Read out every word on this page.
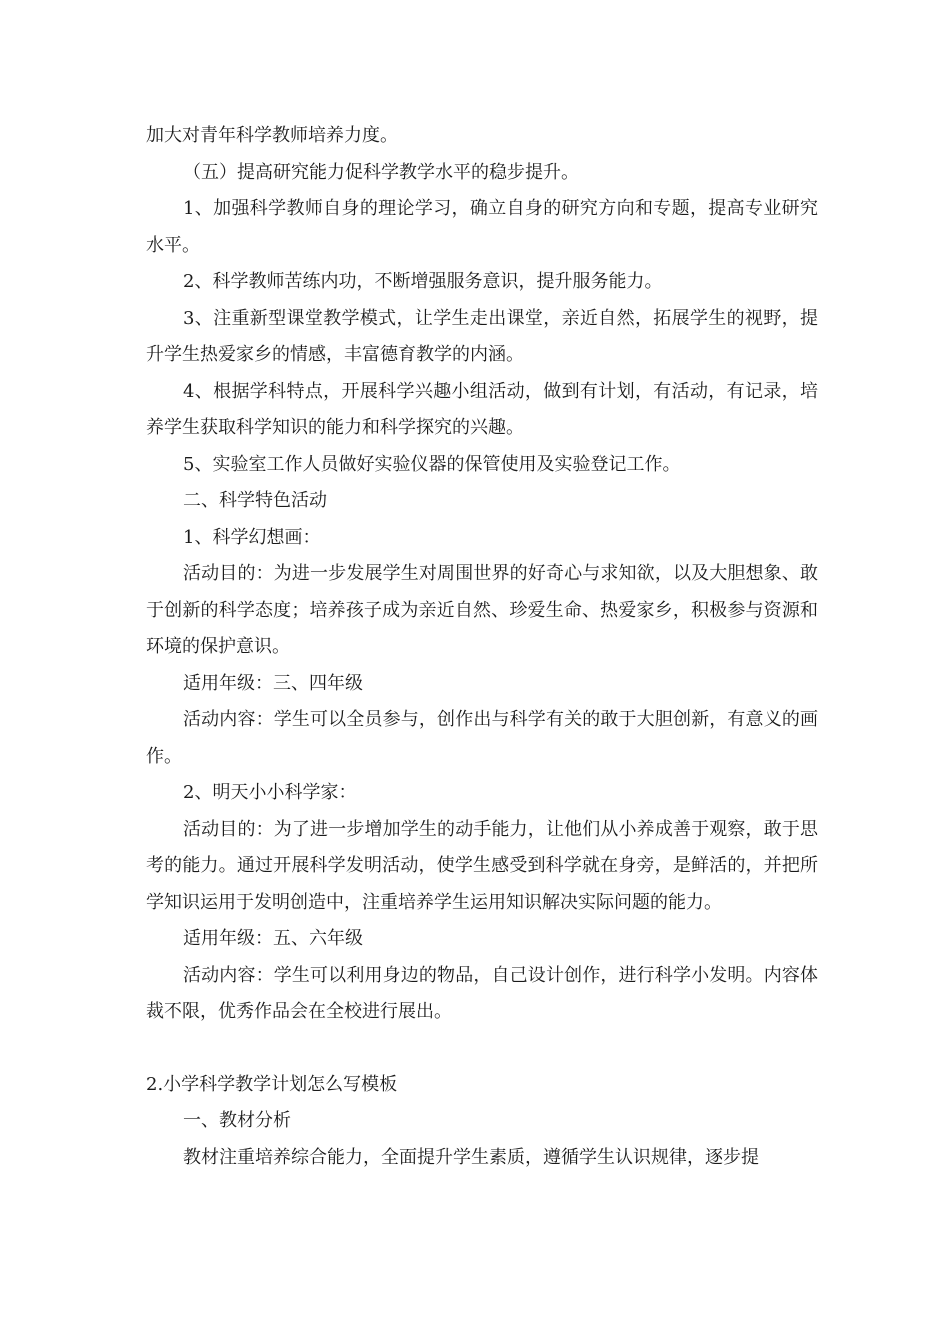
加大对青年科学教师培养力度。

（五）提高研究能力促科学教学水平的稳步提升。

1、加强科学教师自身的理论学习，确立自身的研究方向和专题，提高专业研究水平。

2、科学教师苦练内功，不断增强服务意识，提升服务能力。

3、注重新型课堂教学模式，让学生走出课堂，亲近自然，拓展学生的视野，提升学生热爱家乡的情感，丰富德育教学的内涵。

4、根据学科特点，开展科学兴趣小组活动，做到有计划，有活动，有记录，培养学生获取科学知识的能力和科学探究的兴趣。

5、实验室工作人员做好实验仪器的保管使用及实验登记工作。

二、科学特色活动

1、科学幻想画：

活动目的：为进一步发展学生对周围世界的好奇心与求知欲，以及大胆想象、敢于创新的科学态度；培养孩子成为亲近自然、珍爱生命、热爱家乡，积极参与资源和环境的保护意识。

适用年级：三、四年级

活动内容：学生可以全员参与，创作出与科学有关的敢于大胆创新，有意义的画作。

2、明天小小科学家：

活动目的：为了进一步增加学生的动手能力，让他们从小养成善于观察，敢于思考的能力。通过开展科学发明活动，使学生感受到科学就在身旁，是鲜活的，并把所学知识运用于发明创造中，注重培养学生运用知识解决实际问题的能力。

适用年级：五、六年级

活动内容：学生可以利用身边的物品，自己设计创作，进行科学小发明。内容体裁不限，优秀作品会在全校进行展出。

2.小学科学教学计划怎么写模板

一、教材分析

教材注重培养综合能力，全面提升学生素质，遵循学生认识规律，逐步提
